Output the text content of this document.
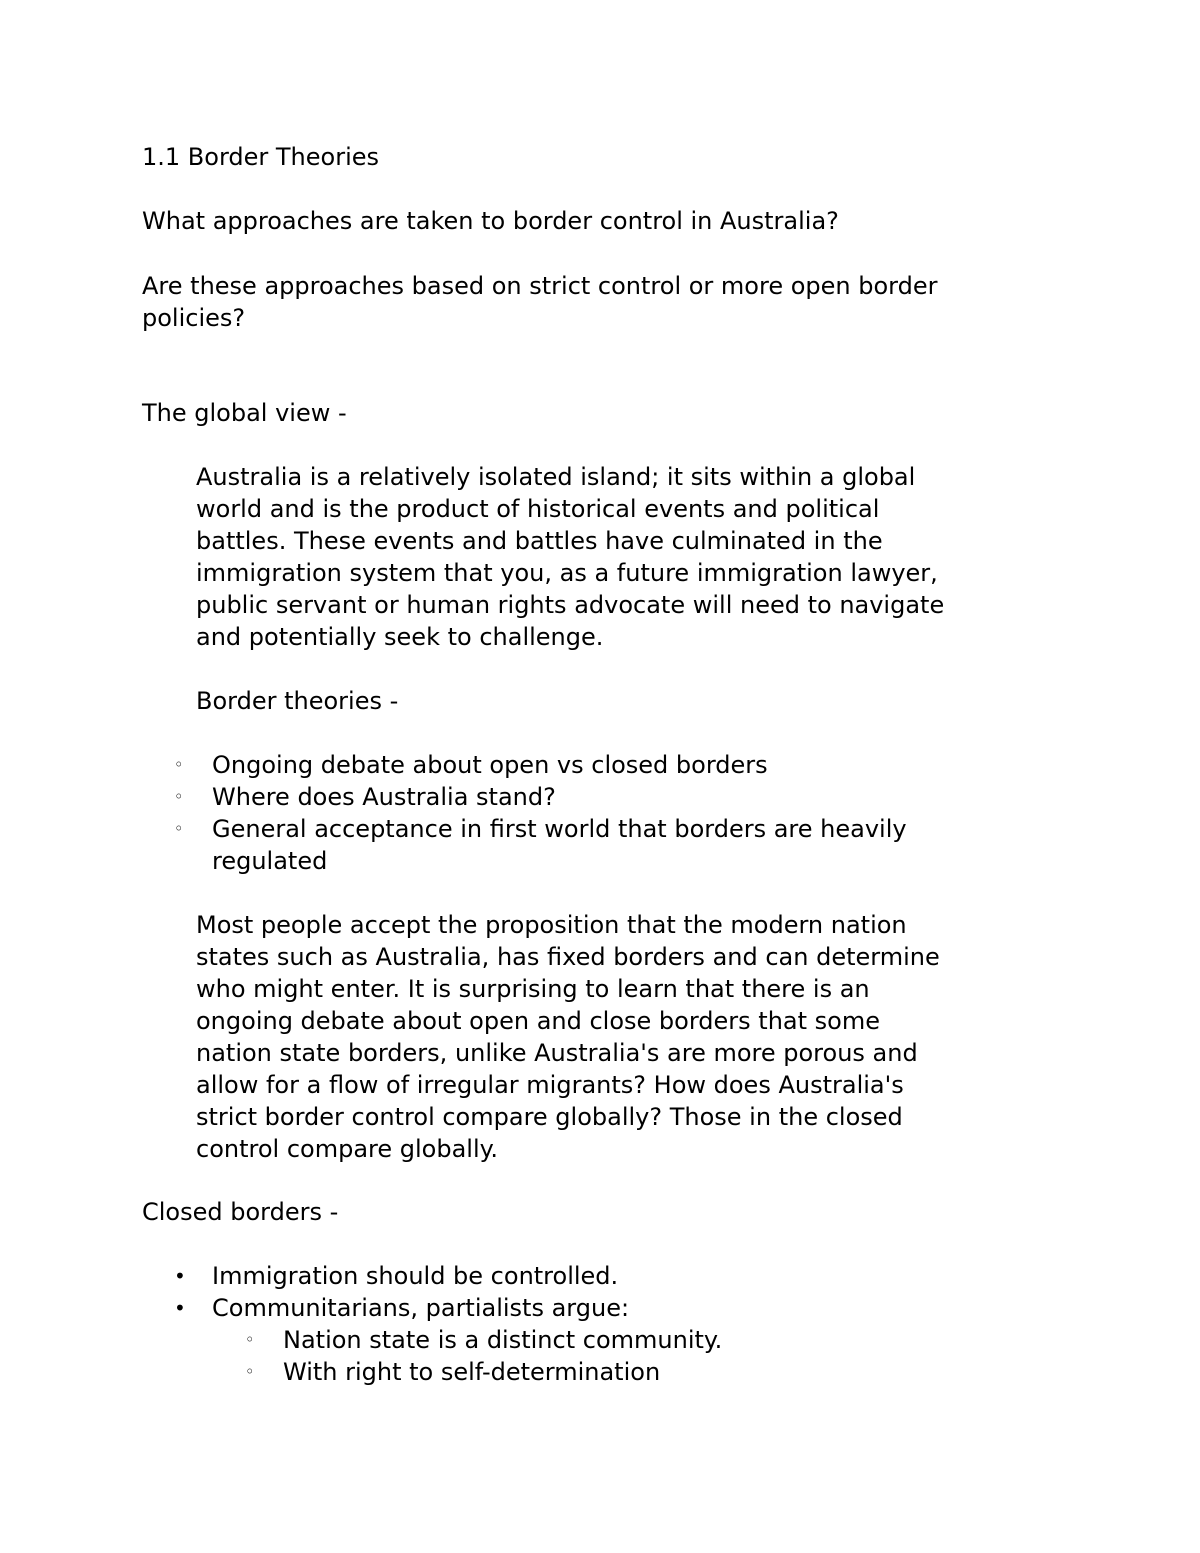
1.1 Border Theories

What approaches are taken to border control in Australia?

Are these approaches based on strict control or more open border

policies?

The global view -

Australia is a relatively isolated island; it sits within a global

world and is the product of historical events and political

battles. These events and battles have culminated in the

immigration system that you, as a future immigration lawyer,

public servant or human rights advocate will need to navigate

and potentially seek to challenge.

Border theories -

◦ Ongoing debate about open vs closed borders

◦ Where does Australia stand?

◦ General acceptance in first world that borders are heavily

regulated

Most people accept the proposition that the modern nation

states such as Australia, has fixed borders and can determine

who might enter. It is surprising to learn that there is an

ongoing debate about open and close borders that some

nation state borders, unlike Australia's are more porous and

allow for a flow of irregular migrants? How does Australia's

strict border control compare globally? Those in the closed

control compare globally.

Closed borders -

• Immigration should be controlled.

• Communitarians, partialists argue:

◦ Nation state is a distinct community.

◦ With right to self-determination
